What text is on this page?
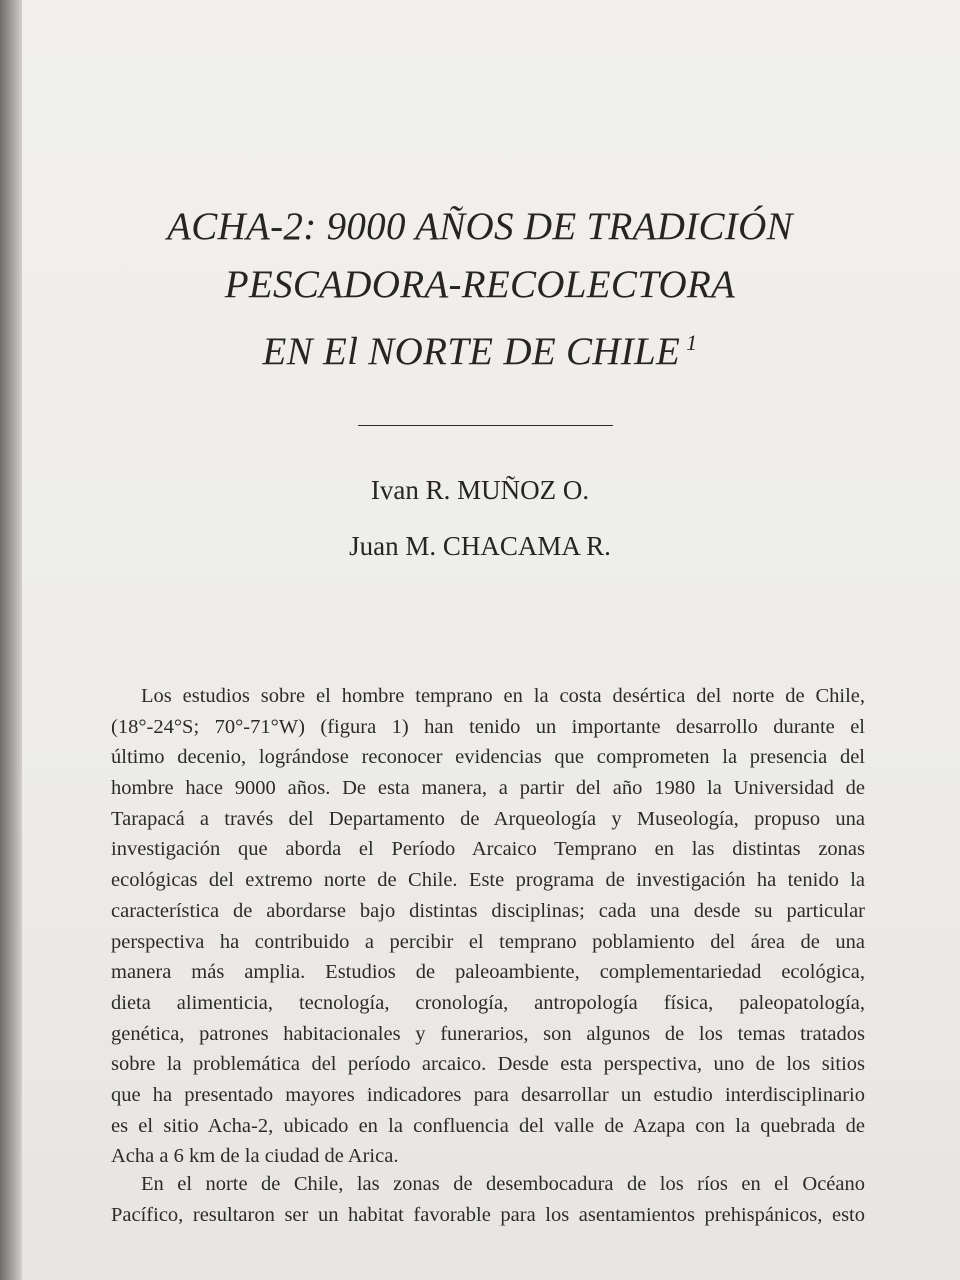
ACHA-2: 9000 AÑOS DE TRADICIÓN
PESCADORA-RECOLECTORA
EN El NORTE DE CHILE $^1$
Ivan R. MUÑOZ O.
Juan M. CHACAMA R.
Los estudios sobre el hombre temprano en la costa desértica del norte de Chile,
(18°-24°S; 70°-71°W) (figura 1) han tenido un importante desarrollo durante el
último decenio, lográndose reconocer evidencias que comprometen la presencia del
hombre hace 9000 años. De esta manera, a partir del año 1980 la Universidad de
Tarapacá a través del Departamento de Arqueología y Museología, propuso una
investigación que aborda el Período Arcaico Temprano en las distintas zonas
ecológicas del extremo norte de Chile. Este programa de investigación ha tenido la
característica de abordarse bajo distintas disciplinas; cada una desde su particular
perspectiva ha contribuido a percibir el temprano poblamiento del área de una
manera más amplia. Estudios de paleoambiente, complementariedad ecológica,
dieta alimenticia, tecnología, cronología, antropología física, paleopatología,
genética, patrones habitacionales y funerarios, son algunos de los temas tratados
sobre la problemática del período arcaico. Desde esta perspectiva, uno de los sitios
que ha presentado mayores indicadores para desarrollar un estudio interdisciplinario
es el sitio Acha-2, ubicado en la confluencia del valle de Azapa con la quebrada de
Acha a 6 km de la ciudad de Arica.
En el norte de Chile, las zonas de desembocadura de los ríos en el Océano
Pacífico, resultaron ser un habitat favorable para los asentamientos prehispánicos, esto
